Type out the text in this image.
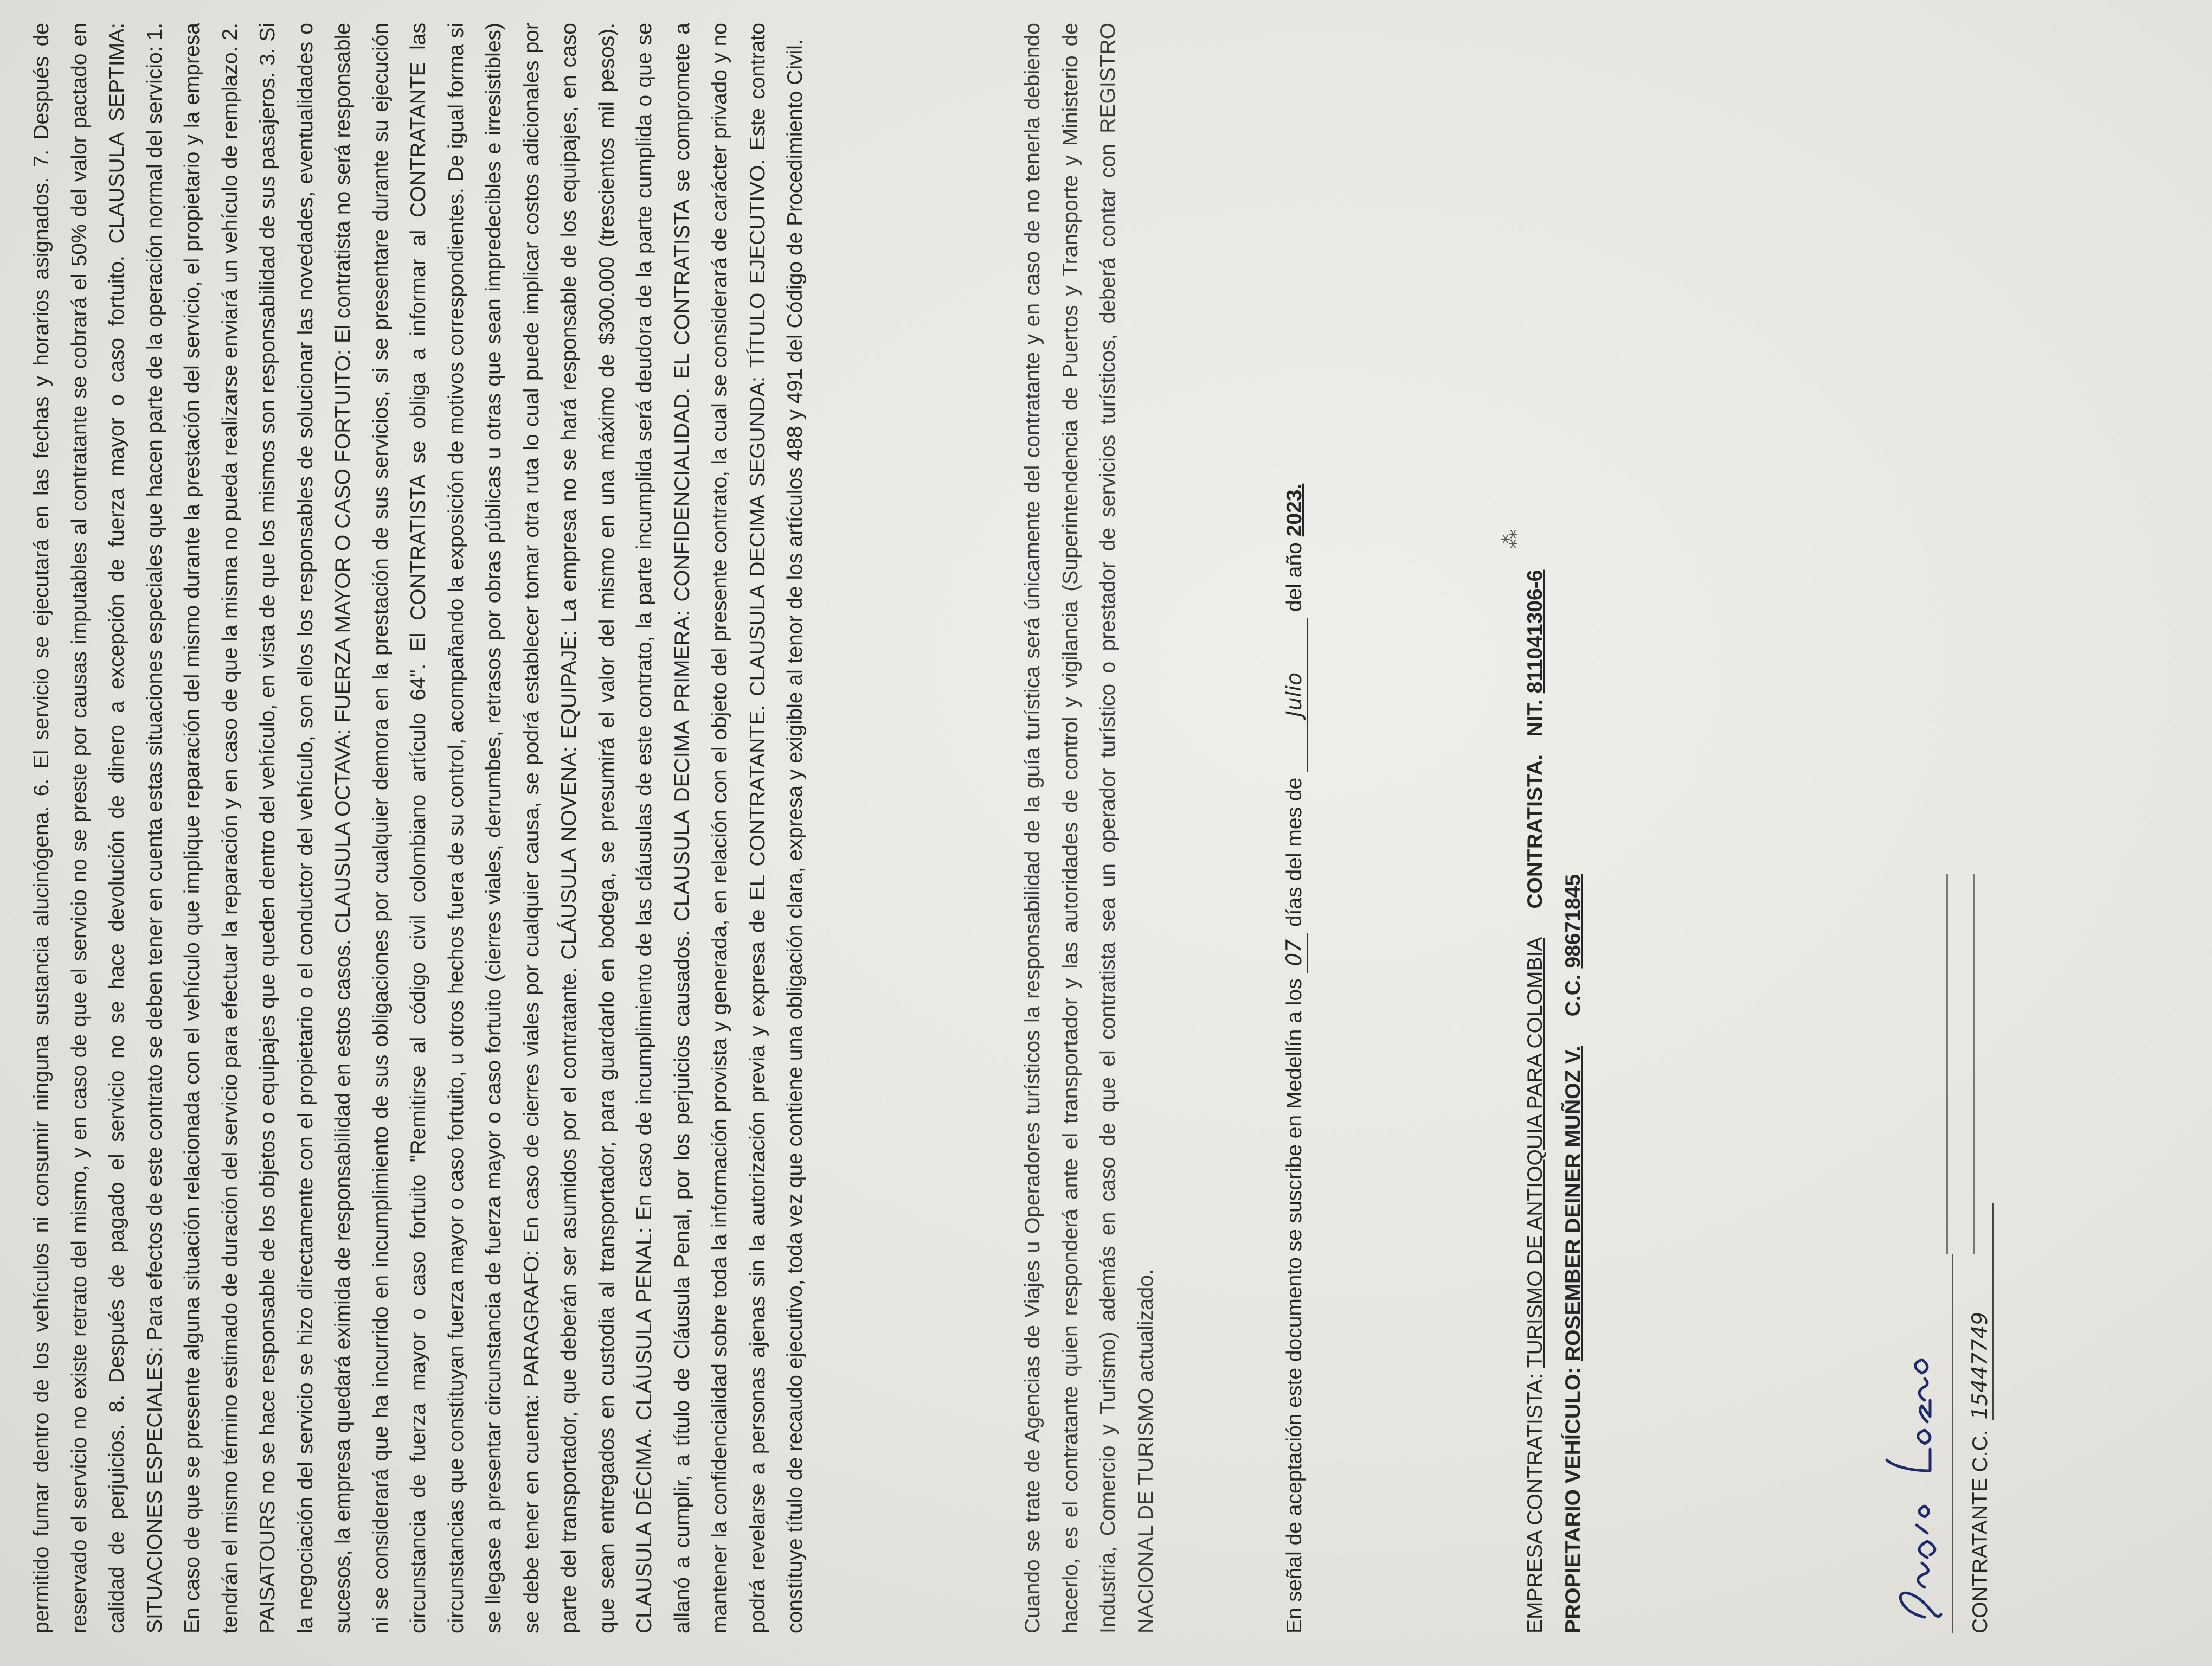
permitido fumar dentro de los vehículos ni consumir ninguna sustancia alucinógena. 6. El servicio se ejecutará en las fechas y horarios asignados. 7. Después de reservado el servicio no existe retrato del mismo, y en caso de que el servicio no se preste por causas imputables al contratante se cobrará el 50% del valor pactado en calidad de perjuicios. 8. Después de pagado el servicio no se hace devolución de dinero a excepción de fuerza mayor o caso fortuito. CLAUSULA SEPTIMA: SITUACIONES ESPECIALES: Para efectos de este contrato se deben tener en cuenta estas situaciones especiales que hacen parte de la operación normal del servicio: 1. En caso de que se presente alguna situación relacionada con el vehículo que implique reparación del mismo durante la prestación del servicio, el propietario y la empresa tendrán el mismo término estimado de duración del servicio para efectuar la reparación y en caso de que la misma no pueda realizarse enviará un vehículo de remplazo. 2. PAISATOURS no se hace responsable de los objetos o equipajes que queden dentro del vehículo, en vista de que los mismos son responsabilidad de sus pasajeros. 3. Si la negociación del servicio se hizo directamente con el propietario o el conductor del vehículo, son ellos los responsables de solucionar las novedades, eventualidades o sucesos, la empresa quedará eximida de responsabilidad en estos casos. CLAUSULA OCTAVA: FUERZA MAYOR O CASO FORTUITO: El contratista no será responsable ni se considerará que ha incurrido en incumplimiento de sus obligaciones por cualquier demora en la prestación de sus servicios, si se presentare durante su ejecución circunstancia de fuerza mayor o caso fortuito "Remitirse al código civil colombiano artículo 64". El CONTRATISTA se obliga a informar al CONTRATANTE las circunstancias que constituyan fuerza mayor o caso fortuito, u otros hechos fuera de su control, acompañando la exposición de motivos correspondientes. De igual forma si se llegase a presentar circunstancia de fuerza mayor o caso fortuito (cierres viales, derrumbes, retrasos por obras públicas u otras que sean impredecibles e irresistibles) se debe tener en cuenta: PARAGRAFO: En caso de cierres viales por cualquier causa, se podrá establecer tomar otra ruta lo cual puede implicar costos adicionales por parte del transportador, que deberán ser asumidos por el contratante. CLÁUSULA NOVENA: EQUIPAJE: La empresa no se hará responsable de los equipajes, en caso que sean entregados en custodia al transportador, para guardarlo en bodega, se presumirá el valor del mismo en una máximo de $300.000 (trescientos mil pesos). CLAUSULA DÉCIMA. CLÁUSULA PENAL: En caso de incumplimiento de las cláusulas de este contrato, la parte incumplida será deudora de la parte cumplida o que se allanó a cumplir, a título de Cláusula Penal, por los perjuicios causados. CLAUSULA DECIMA PRIMERA: CONFIDENCIALIDAD. EL CONTRATISTA se compromete a mantener la confidencialidad sobre toda la información provista y generada, en relación con el objeto del presente contrato, la cual se considerará de carácter privado y no podrá revelarse a personas ajenas sin la autorización previa y expresa de EL CONTRATANTE. CLAUSULA DECIMA SEGUNDA: TÍTULO EJECUTIVO. Este contrato constituye título de recaudo ejecutivo, toda vez que contiene una obligación clara, expresa y exigible al tenor de los artículos 488 y 491 del Código de Procedimiento Civil.	Cuando se trate de Agencias de Viajes u Operadores turísticos la responsabilidad de la guía turística será únicamente del contratante y en caso de no tenerla debiendo hacerlo, es el contratante quien responderá ante el transportador y las autoridades de control y vigilancia (Superintendencia de Puertos y Transporte y Ministerio de Industria, Comercio y Turismo) además en caso de que el contratista sea un operador turístico o prestador de servicios turísticos, deberá contar con REGISTRO NACIONAL DE TURISMO actualizado.	En señal de aceptación este documento se suscribe en Medellín a los 07 días del mes de Julio del año 2023.
EMPRESA CONTRATISTA: TURISMO DE ANTIOQUIA PARA COLOMBIA     CONTRATISTA.   NIT. 811041306-6
PROPIETARIO VEHÍCULO: ROSEMBER DEINER MUÑOZ V.     C.C. 98671845
⁂
CONTRATANTE C.C. 15447749
